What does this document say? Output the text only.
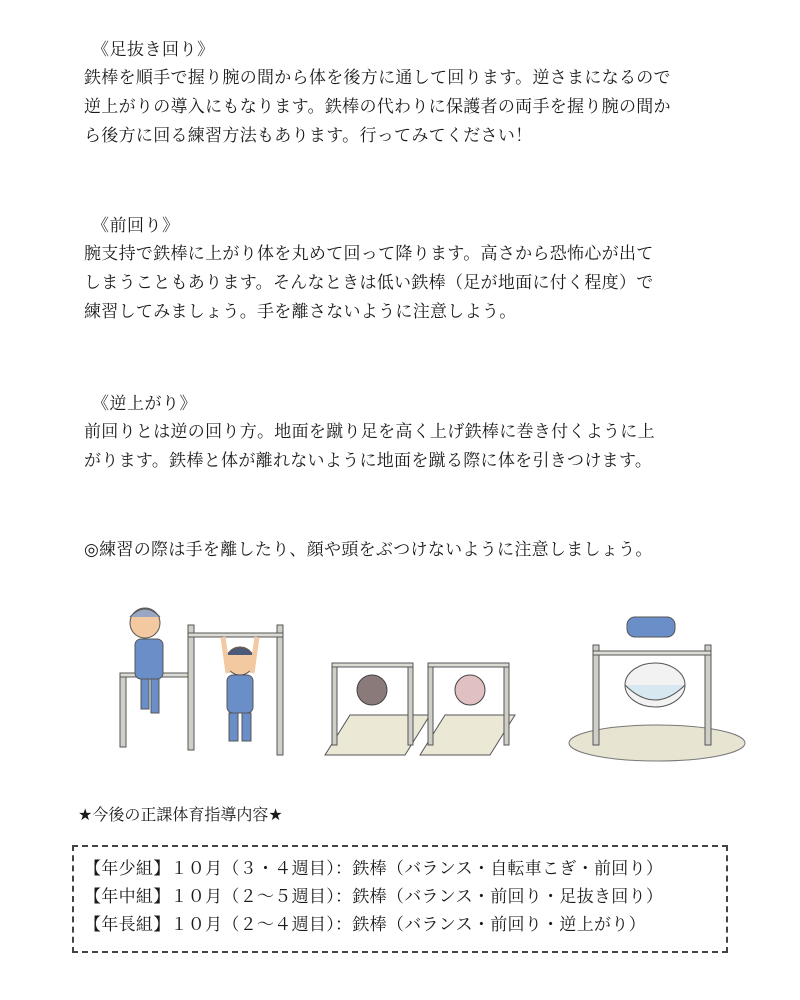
《足抜き回り》

鉄棒を順手で握り腕の間から体を後方に通して回ります。逆さまになるので

逆上がりの導入にもなります。鉄棒の代わりに保護者の両手を握り腕の間か

ら後方に回る練習方法もあります。行ってみてください！

《前回り》

腕支持で鉄棒に上がり体を丸めて回って降ります。高さから恐怖心が出て

しまうこともあります。そんなときは低い鉄棒（足が地面に付く程度）で

練習してみましょう。手を離さないように注意しよう。

《逆上がり》

前回りとは逆の回り方。地面を蹴り足を高く上げ鉄棒に巻き付くように上

がります。鉄棒と体が離れないように地面を蹴る際に体を引きつけます。

◎練習の際は手を離したり、顔や頭をぶつけないように注意しましょう。
★今後の正課体育指導内容★
【年少組】１０月（３・４週目）：鉄棒（バランス・自転車こぎ・前回り）
【年中組】１０月（２～５週目）：鉄棒（バランス・前回り・足抜き回り）
【年長組】１０月（２～４週目）：鉄棒（バランス・前回り・逆上がり）
